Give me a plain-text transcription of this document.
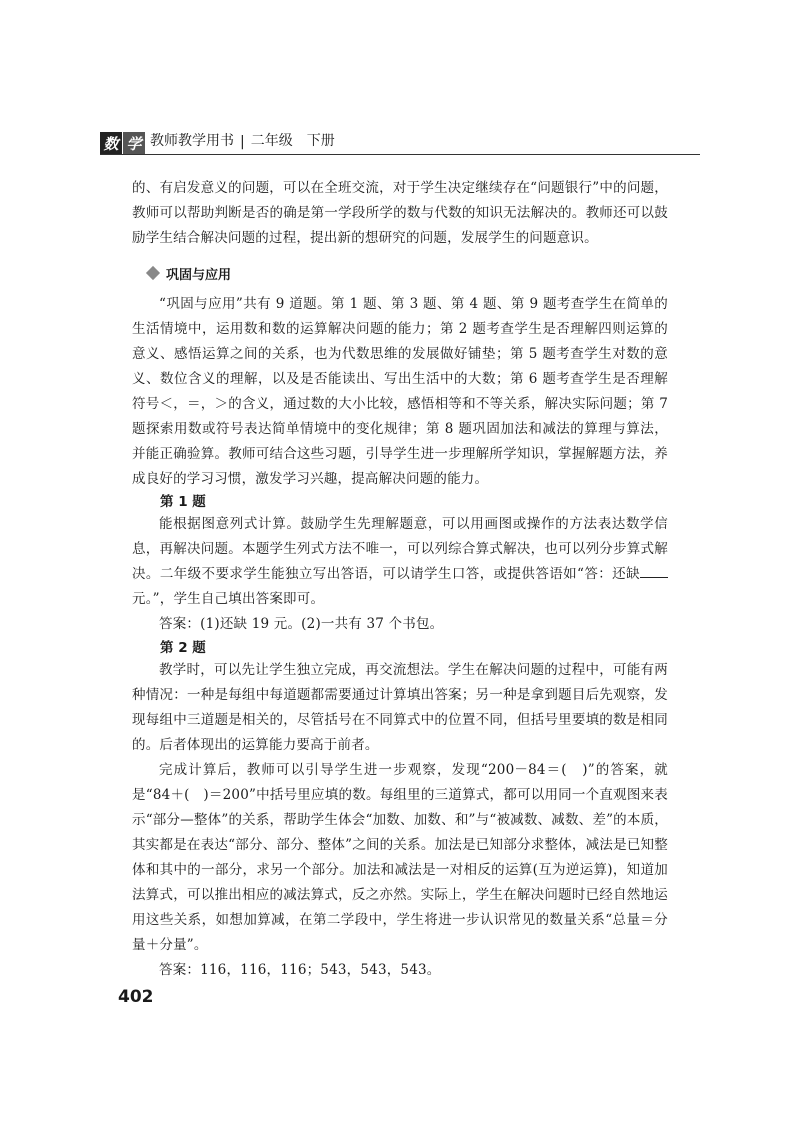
数 学 教师教学用书 | 二年级　下册

的、有启发意义的问题，可以在全班交流，对于学生决定继续存在“问题银行”中的问题，教师可以帮助判断是否的确是第一学段所学的数与代数的知识无法解决的。教师还可以鼓励学生结合解决问题的过程，提出新的想研究的问题，发展学生的问题意识。

巩固与应用

“巩固与应用”共有 9 道题。第 1 题、第 3 题、第 4 题、第 9 题考查学生在简单的生活情境中，运用数和数的运算解决问题的能力；第 2 题考查学生是否理解四则运算的意义、感悟运算之间的关系，也为代数思维的发展做好铺垫；第 5 题考查学生对数的意义、数位含义的理解，以及是否能读出、写出生活中的大数；第 6 题考查学生是否理解符号＜，＝，＞的含义，通过数的大小比较，感悟相等和不等关系，解决实际问题；第 7 题探索用数或符号表达简单情境中的变化规律；第 8 题巩固加法和减法的算理与算法，并能正确验算。教师可结合这些习题，引导学生进一步理解所学知识，掌握解题方法，养成良好的学习习惯，激发学习兴趣，提高解决问题的能力。

第 1 题

能根据图意列式计算。鼓励学生先理解题意，可以用画图或操作的方法表达数学信息，再解决问题。本题学生列式方法不唯一，可以列综合算式解决，也可以列分步算式解决。二年级不要求学生能独立写出答语，可以请学生口答，或提供答语如“答：还缺元。”，学生自己填出答案即可。

答案：(1)还缺 19 元。(2)一共有 37 个书包。

第 2 题

教学时，可以先让学生独立完成，再交流想法。学生在解决问题的过程中，可能有两种情况：一种是每组中每道题都需要通过计算填出答案；另一种是拿到题目后先观察，发现每组中三道题是相关的，尽管括号在不同算式中的位置不同，但括号里要填的数是相同的。后者体现出的运算能力要高于前者。

完成计算后，教师可以引导学生进一步观察，发现“200－84＝(　)”的答案，就是“84＋(　)＝200”中括号里应填的数。每组里的三道算式，都可以用同一个直观图来表示“部分—整体”的关系，帮助学生体会“加数、加数、和”与“被减数、减数、差”的本质，其实都是在表达“部分、部分、整体”之间的关系。加法是已知部分求整体，减法是已知整体和其中的一部分，求另一个部分。加法和减法是一对相反的运算(互为逆运算)，知道加法算式，可以推出相应的减法算式，反之亦然。实际上，学生在解决问题时已经自然地运用这些关系，如想加算减，在第二学段中，学生将进一步认识常见的数量关系“总量＝分量＋分量”。

答案：116，116，116；543，543，543。

402
